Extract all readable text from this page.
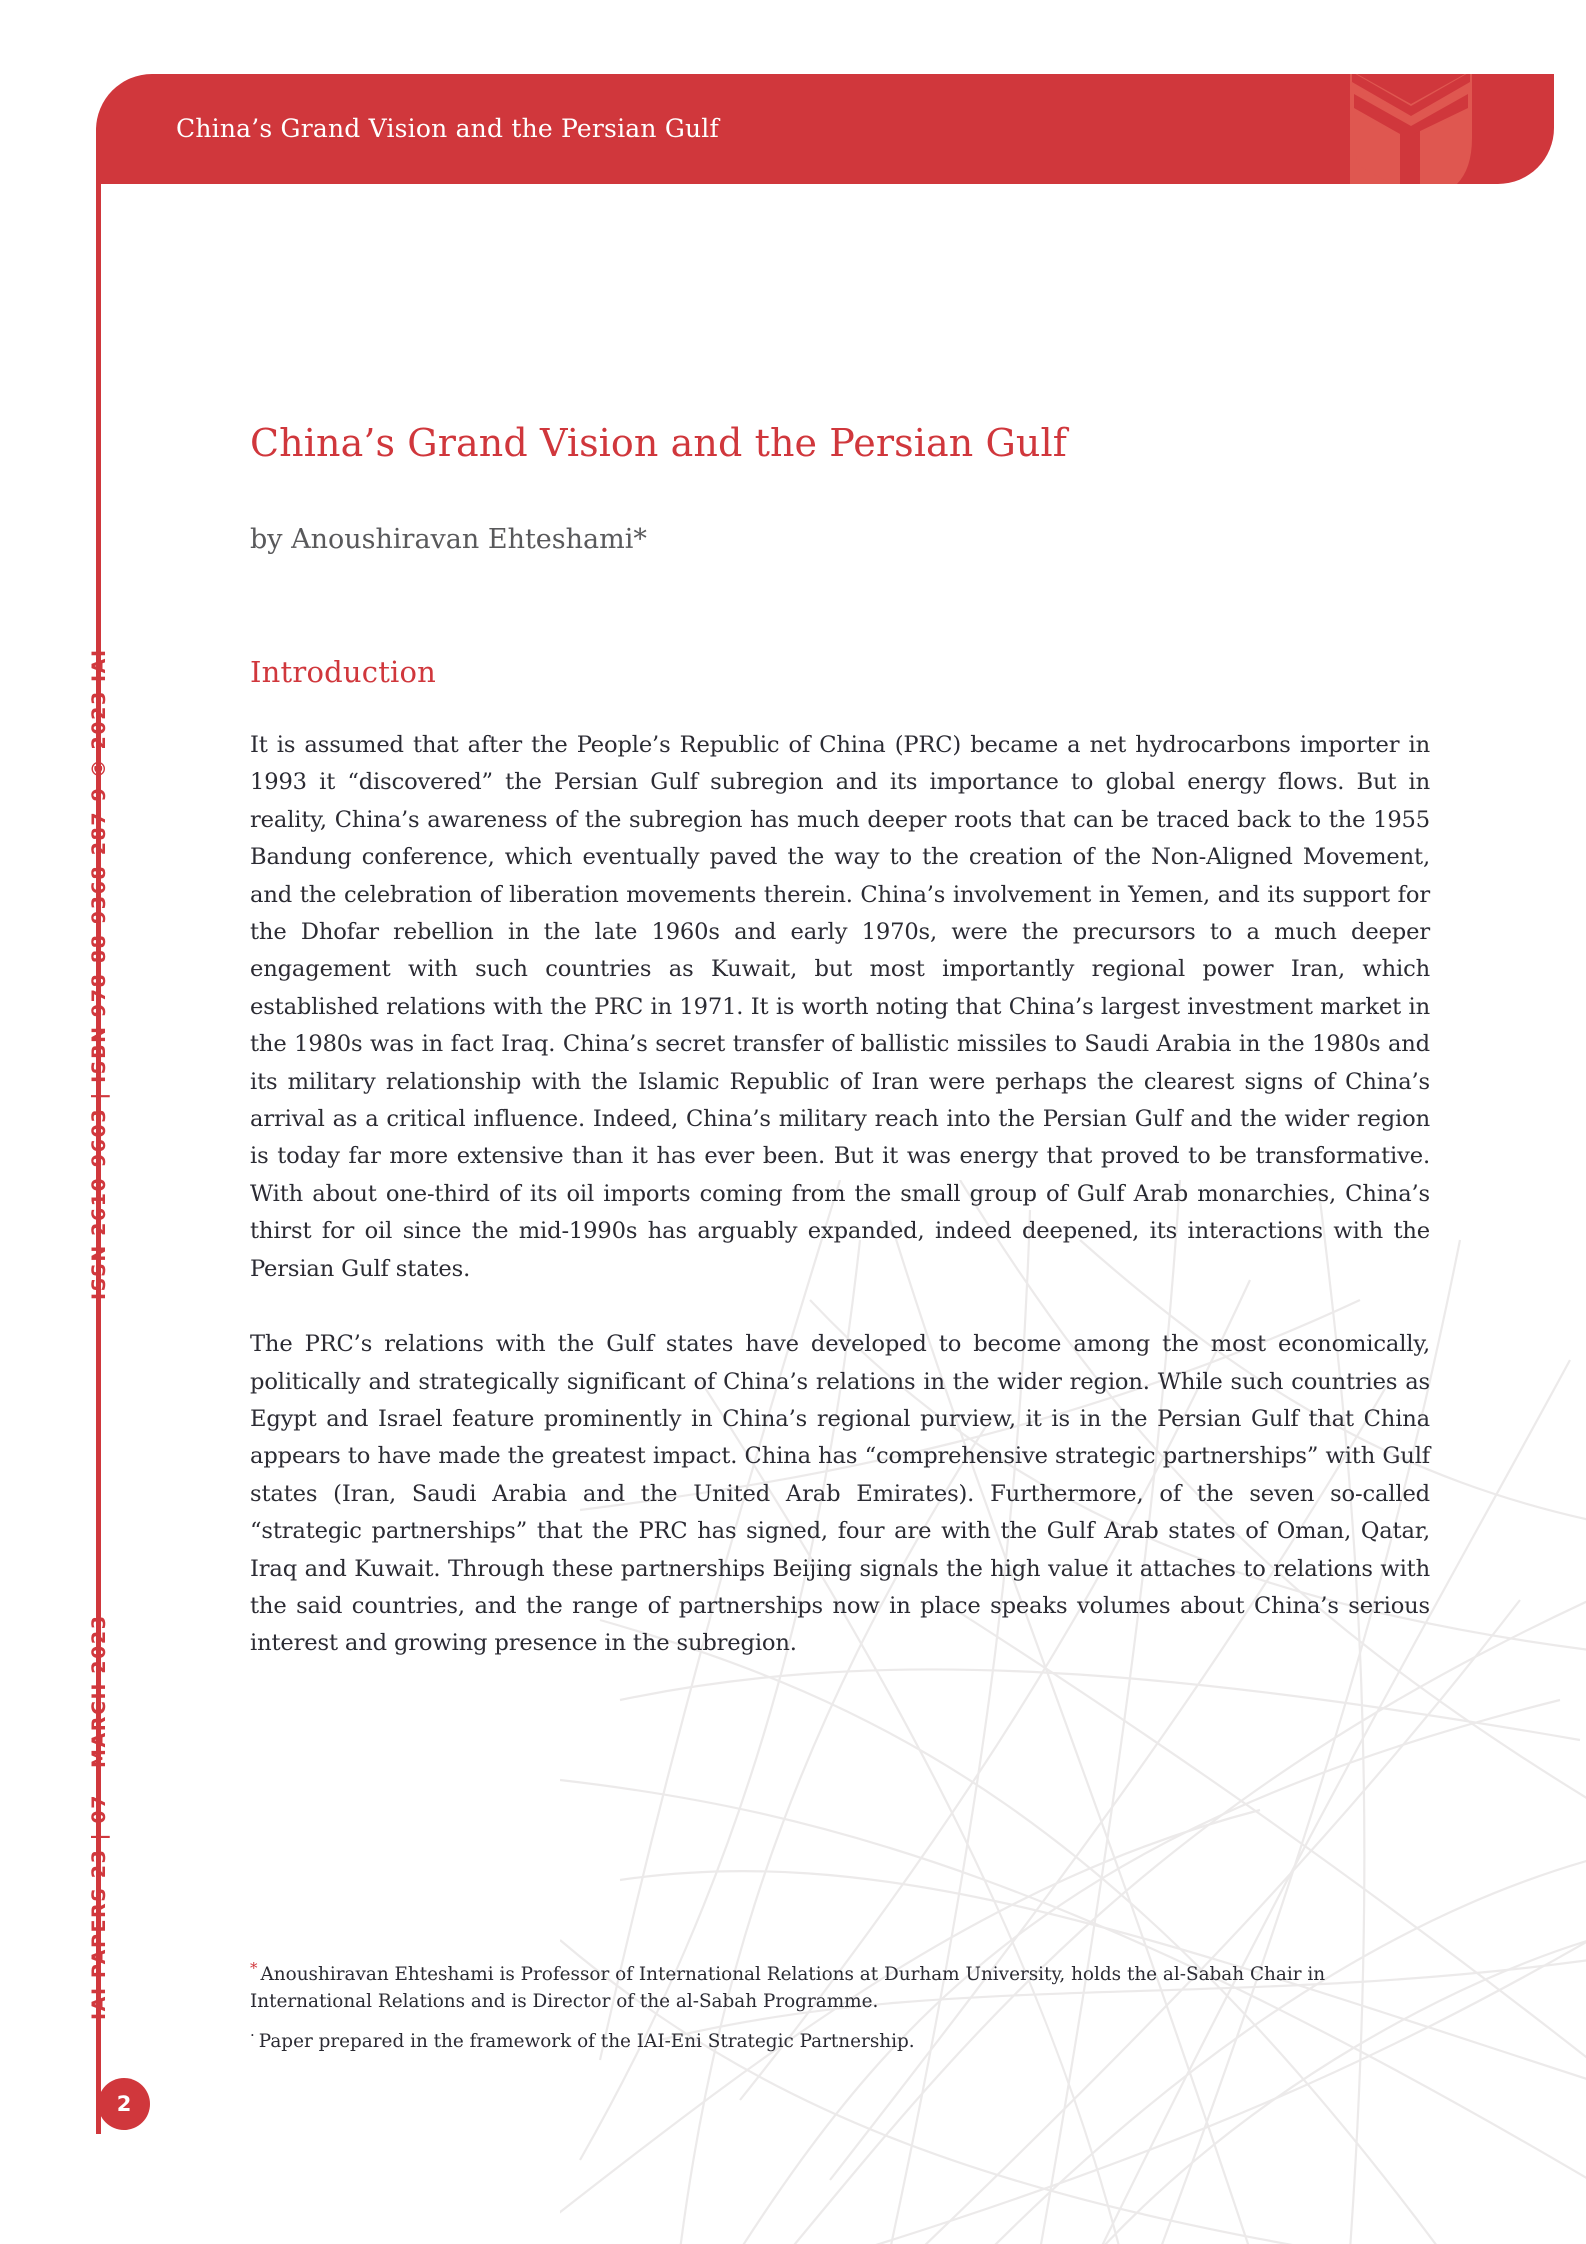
China’s Grand Vision and the Persian Gulf
ISSN 2610-9603 | ISBN 978-88-9368-287-9 © 2023 IAI
IAI PAPERS 23 | 07 - MARCH 2023
2
China’s Grand Vision and the Persian Gulf

by Anoushiravan Ehteshami*

Introduction

It is assumed that after the People’s Republic of China (PRC) became a net hydrocarbons importer in 1993 it “discovered” the Persian Gulf subregion and its importance to global energy flows. But in reality, China’s awareness of the subregion has much deeper roots that can be traced back to the 1955 Bandung conference, which eventually paved the way to the creation of the Non-Aligned Movement, and the celebration of liberation movements therein. China’s involvement in Yemen, and its support for the Dhofar rebellion in the late 1960s and early 1970s, were the precursors to a much deeper engagement with such countries as Kuwait, but most importantly regional power Iran, which established relations with the PRC in 1971. It is worth noting that China’s largest investment market in the 1980s was in fact Iraq. China’s secret transfer of ballistic missiles to Saudi Arabia in the 1980s and its military relationship with the Islamic Republic of Iran were perhaps the clearest signs of China’s arrival as a critical influence. Indeed, China’s military reach into the Persian Gulf and the wider region is today far more extensive than it has ever been. But it was energy that proved to be transformative. With about one-third of its oil imports coming from the small group of Gulf Arab monarchies, China’s thirst for oil since the mid-1990s has arguably expanded, indeed deepened, its interactions with the Persian Gulf states.

The PRC’s relations with the Gulf states have developed to become among the most economically, politically and strategically significant of China’s relations in the wider region. While such countries as Egypt and Israel feature prominently in China’s regional purview, it is in the Persian Gulf that China appears to have made the greatest impact. China has “comprehensive strategic partnerships” with Gulf states (Iran, Saudi Arabia and the United Arab Emirates). Furthermore, of the seven so-called “strategic partnerships” that the PRC has signed, four are with the Gulf Arab states of Oman, Qatar, Iraq and Kuwait. Through these partnerships Beijing signals the high value it attaches to relations with the said countries, and the range of partnerships now in place speaks volumes about China’s serious interest and growing presence in the subregion.

* Anoushiravan Ehteshami is Professor of International Relations at Durham University, holds the al-Sabah Chair in International Relations and is Director of the al-Sabah Programme.

· Paper prepared in the framework of the IAI-Eni Strategic Partnership.
